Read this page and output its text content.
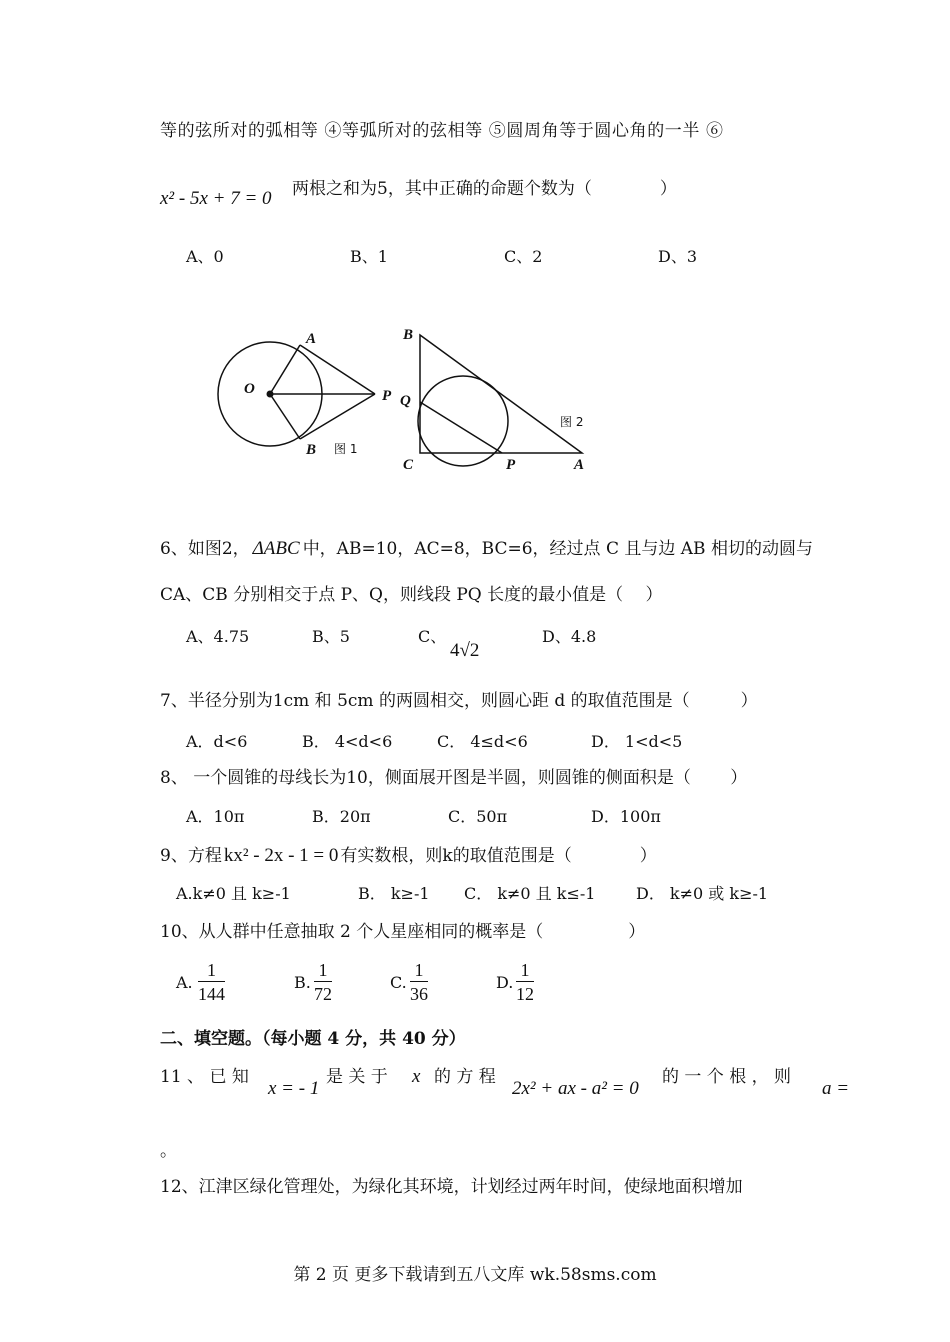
等的弦所对的弧相等 ④等弧所对的弦相等 ⑤圆周角等于圆心角的一半 ⑥
x² - 5x + 7 = 0 两根之和为5，其中正确的命题个数为（　　　　）
A、0	B、1	C、2	D、3
O
A
B
P
图 1
B
Q
C	P	A
图 2
6、如图2， ΔABC 中，AB=10，AC=8，BC=6，经过点 C 且与边 AB 相切的动圆与
CA、CB 分别相交于点 P、Q，则线段 PQ 长度的最小值是（　 ）
A、4.75	B、5	C、
4√2
D、4.8
7、半径分别为1cm 和 5cm 的两圆相交，则圆心距 d 的取值范围是（　　　）
A．d<6	B． 4<d<6	C． 4≤d<6	D． 1<d<5
8、 一个圆锥的母线长为10，侧面展开图是半圆，则圆锥的侧面积是（　　 ）
A．10π	B．20π	C．50π	D．100π
9、方程 kx² - 2x - 1 = 0 有实数根，则k的取值范围是（　　　　）
A.k≠0 且 k≥-1	B． k≥-1 C． k≠0 且 k≤-1	D． k≠0 或 k≥-1
10、从人群中任意抽取 2 个人星座相同的概率是（　　　　　）
A. $\frac{1}{144}$	B. $\frac{1}{72}$	C. $\frac{1}{36}$	D. $\frac{1}{12}$
二、填空题。（每小题 4 分，共 40 分）
11 、 已 知
x = - 1
是 关 于 x 的 方 程
2x² + ax - a² = 0
的 一 个 根 ， 则
a =
。
12、江津区绿化管理处，为绿化其环境，计划经过两年时间，使绿地面积增加
第 2 页 更多下载请到五八文库 wk.58sms.com
